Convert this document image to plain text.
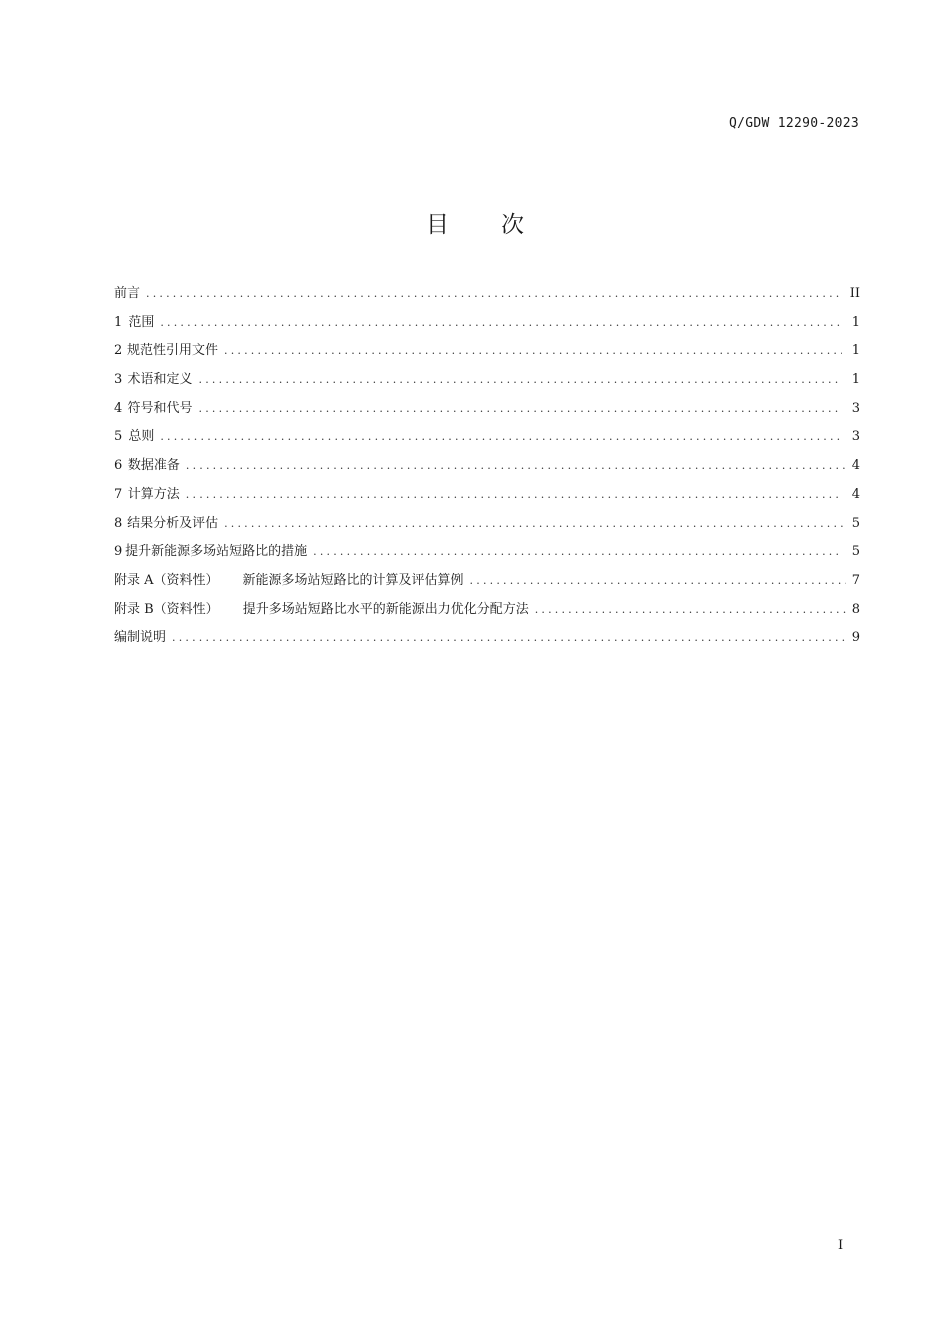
Q/GDW 12290-2023
目 次
前言 .....	II
1 范围 .....	1
2 规范性引用文件 .....	1
3 术语和定义 .....	1
4 符号和代号 .....	3
5 总则 .....	3
6 数据准备 .....	4
7 计算方法 .....	4
8 结果分析及评估 .....	5
9 提升新能源多场站短路比的措施 .....	5
附录 A（资料性） 新能源多场站短路比的计算及评估算例 .....	7
附录 B（资料性） 提升多场站短路比水平的新能源出力优化分配方法 .....	8
编制说明 .....	9
I
